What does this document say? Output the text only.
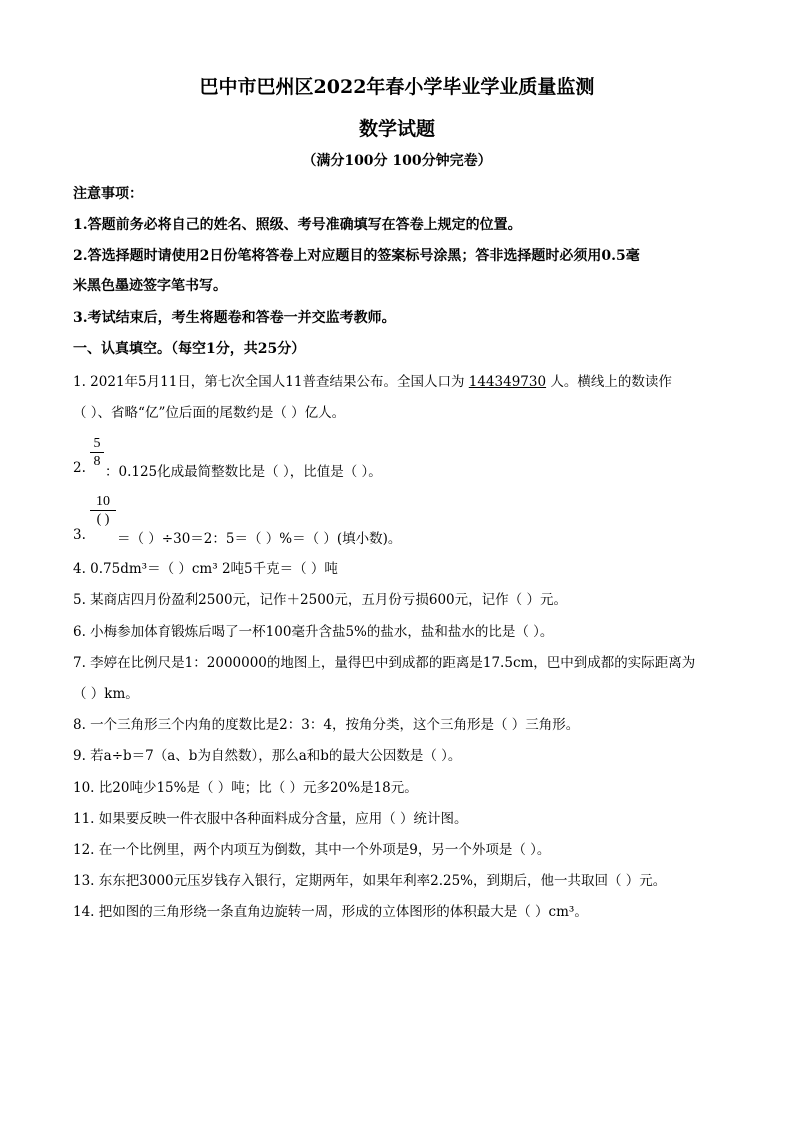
巴中市巴州区2022年春小学毕业学业质量监测
数学试题
（满分100分 100分钟完卷）
注意事项：
1.答题前务必将自己的姓名、照级、考号准确填写在答卷上规定的位置。
2.答选择题时请使用2日份笔将答卷上对应题目的签案标号涂黑；答非选择题时必须用0.5毫
米黑色墨迹签字笔书写。
3.考试结束后，考生将题卷和答卷一并交监考教师。
一、认真填空。（每空1分，共25分）
1. 2021年5月11日，第七次全国人11普查结果公布。全国人口为 144349730 人。横线上的数读作
（ ）、省略“亿”位后面的尾数约是（ ）亿人。
5
8
2. ：0.125化成最简整数比是（ ），比值是（ ）。
10
( )
3. ＝（ ）÷30＝2：5＝（ ）%＝（ ）(填小数)。
4. 0.75dm³＝（ ）cm³ 2吨5千克＝（ ）吨
5. 某商店四月份盈利2500元，记作＋2500元，五月份亏损600元，记作（ ）元。
6. 小梅参加体育锻炼后喝了一杯100毫升含盐5%的盐水，盐和盐水的比是（ ）。
7. 李婷在比例尺是1：2000000的地图上，量得巴中到成都的距离是17.5cm，巴中到成都的实际距离为
（ ）km。
8. 一个三角形三个内角的度数比是2：3：4，按角分类，这个三角形是（ ）三角形。
9. 若a÷b＝7（a、b为自然数），那么a和b的最大公因数是（ ）。
10. 比20吨少15%是（ ）吨；比（ ）元多20%是18元。
11. 如果要反映一件衣服中各种面料成分含量，应用（ ）统计图。
12. 在一个比例里，两个内项互为倒数，其中一个外项是9，另一个外项是（ ）。
13. 东东把3000元压岁钱存入银行，定期两年，如果年利率2.25%，到期后，他一共取回（ ）元。
14. 把如图的三角形绕一条直角边旋转一周，形成的立体图形的体积最大是（ ）cm³。
